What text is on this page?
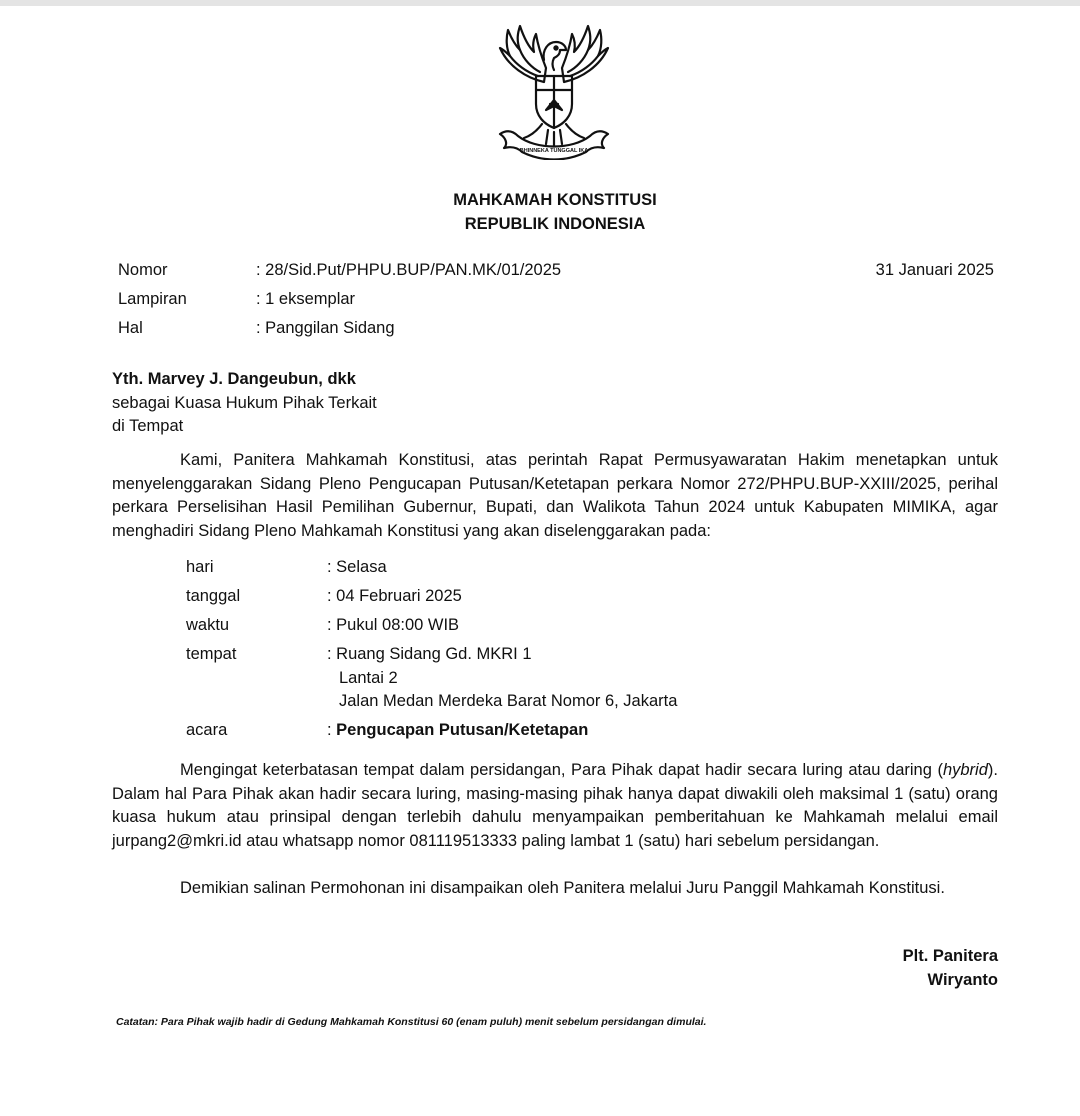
BHINNEKA TUNGGAL IKA
MAHKAMAH KONSTITUSI
REPUBLIK INDONESIA
Nomor	: 28/Sid.Put/PHPU.BUP/PAN.MK/01/2025	31 Januari 2025
Lampiran	: 1 eksemplar
Hal	: Panggilan Sidang
Yth. Marvey J. Dangeubun, dkk
sebagai Kuasa Hukum Pihak Terkait
di Tempat
Kami, Panitera Mahkamah Konstitusi, atas perintah Rapat Permusyawaratan Hakim menetapkan untuk menyelenggarakan Sidang Pleno Pengucapan Putusan/Ketetapan perkara Nomor 272/PHPU.BUP-XXIII/2025, perihal perkara Perselisihan Hasil Pemilihan Gubernur, Bupati, dan Walikota Tahun 2024 untuk Kabupaten MIMIKA, agar menghadiri Sidang Pleno Mahkamah Konstitusi yang akan diselenggarakan pada:
hari	: Selasa
tanggal	: 04 Februari 2025
waktu	: Pukul 08:00 WIB
tempat	: Ruang Sidang Gd. MKRI 1
Lantai 2
Jalan Medan Merdeka Barat Nomor 6, Jakarta
acara	: Pengucapan Putusan/Ketetapan
Mengingat keterbatasan tempat dalam persidangan, Para Pihak dapat hadir secara luring atau daring (hybrid). Dalam hal Para Pihak akan hadir secara luring, masing-masing pihak hanya dapat diwakili oleh maksimal 1 (satu) orang kuasa hukum atau prinsipal dengan terlebih dahulu menyampaikan pemberitahuan ke Mahkamah melalui email jurpang2@mkri.id atau whatsapp nomor 081119513333 paling lambat 1 (satu) hari sebelum persidangan.
Demikian salinan Permohonan ini disampaikan oleh Panitera melalui Juru Panggil Mahkamah Konstitusi.
Plt. Panitera
Wiryanto
Catatan: Para Pihak wajib hadir di Gedung Mahkamah Konstitusi 60 (enam puluh) menit sebelum persidangan dimulai.
